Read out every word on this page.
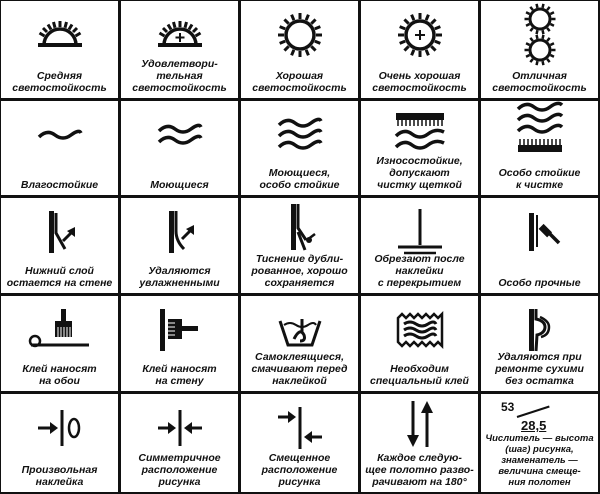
Средняя
светостойкость
Удовлетвори-
тельная
светостойкость
Хорошая
светостойкость
Очень хорошая
светостойкость
Отличная
светостойкость
Влагостойкие	Моющиеся
Моющиеся,
особо стойкие
Износостойкие,
допускают
чистку щеткой
Особо стойкие
к чистке
Нижний слой
остается на стене
Удаляются
увлажненными
Тиснение дубли-
рованное, хорошо
сохраняется
Обрезают после
наклейки
с перекрытием	Особо прочные
Клей наносят
на обои
Клей наносят
на стену
Самоклеящиеся,
смачивают перед
наклейкой
Необходим
специальный клей
Удаляются при
ремонте сухими
без остатка
Произвольная
наклейка
Симметричное
расположение
рисунка
Смещенное
расположение
рисунка
Каждое следую-
щее полотно разво-
рачивают на 180°
53
28,5
Числитель — высота
(шаг) рисунка,
знаменатель —
величина смеще-
ния полотен
